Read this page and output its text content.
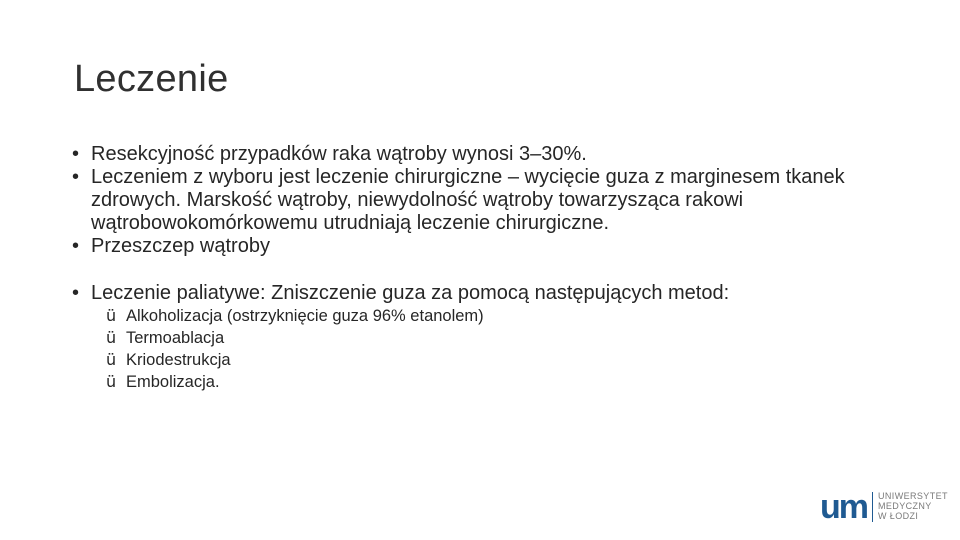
Leczenie
• Resekcyjność przypadków raka wątroby wynosi 3–30%.
• Leczeniem z wyboru jest leczenie chirurgiczne – wycięcie guza z marginesem tkanek zdrowych. Marskość wątroby, niewydolność wątroby towarzysząca rakowi wątrobowokomórkowemu utrudniają leczenie chirurgiczne.
• Przeszczep wątroby
• Leczenie paliatywe: Zniszczenie guza za pomocą następujących metod:
ü Alkoholizacja (ostrzyknięcie guza 96% etanolem)
ü Termoablacja
ü Kriodestrukcja
ü Embolizacja.
um UNIWERSYTET
MEDYCZNY
W ŁODZI
